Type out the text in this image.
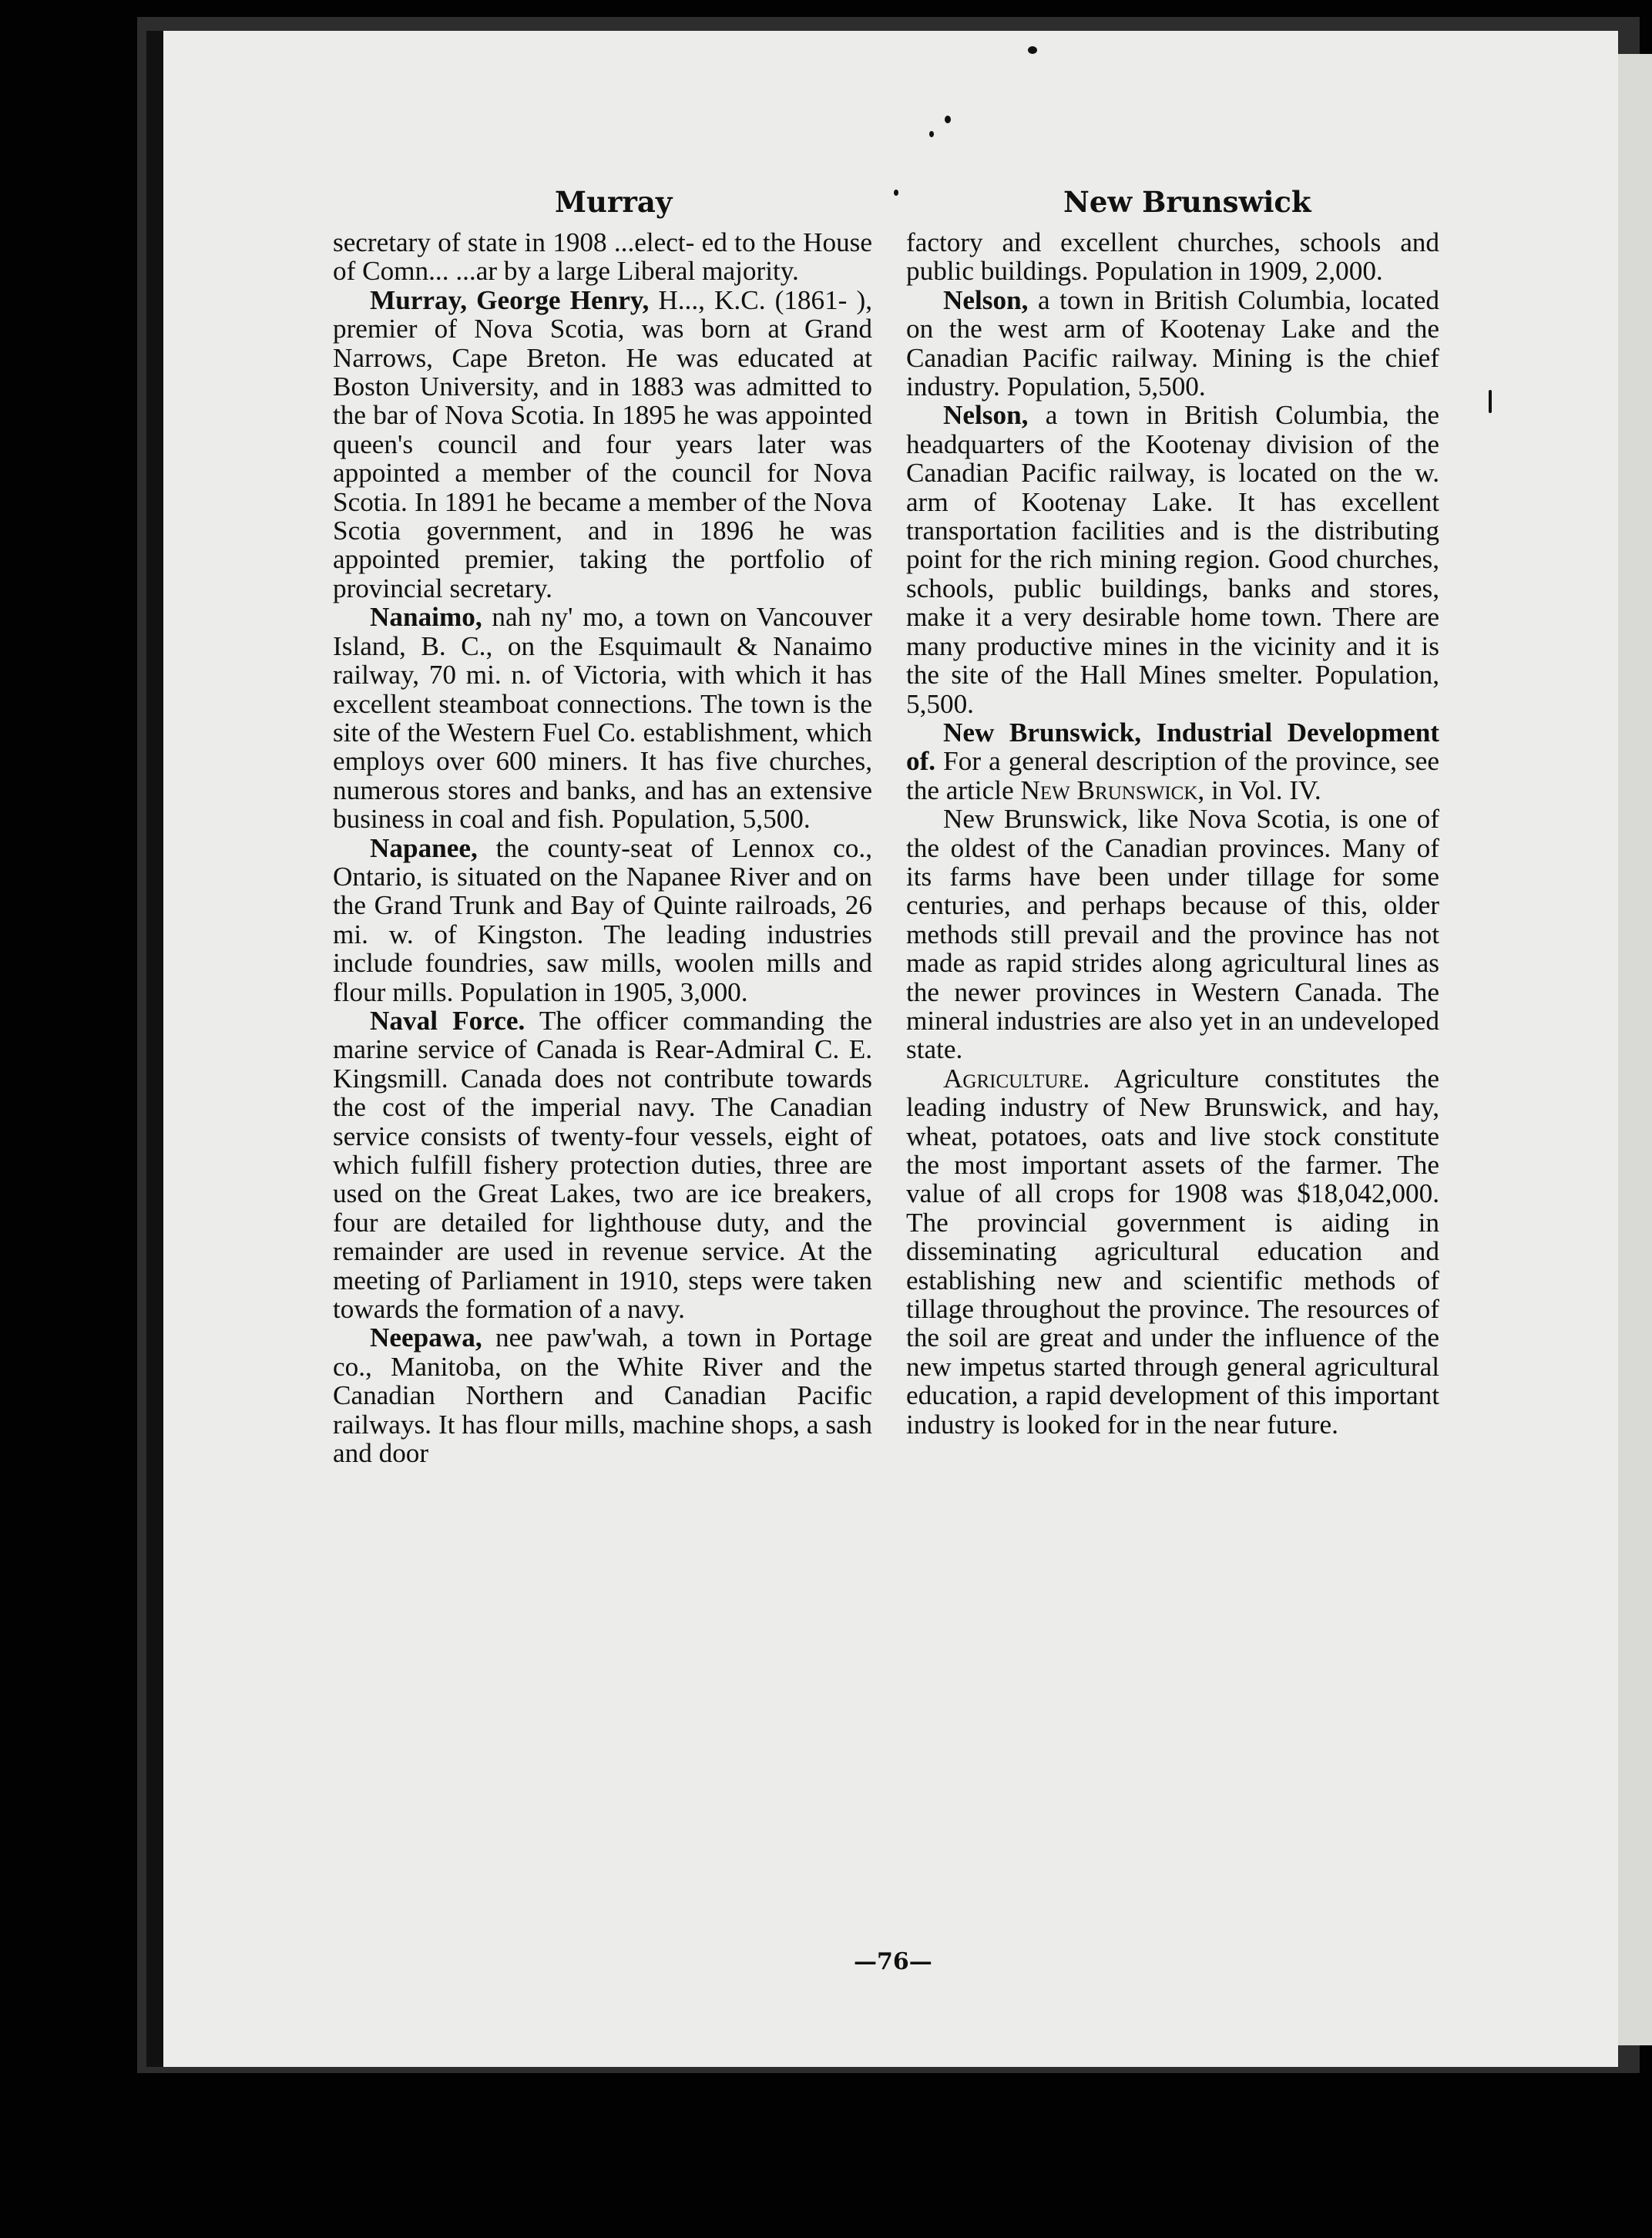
Murray	New Brunswick

secretary of state in 1908 ...elect- ed to the House of Comn... ...ar by a large Liberal majority.

Murray, George Henry, H..., K.C. (1861- ), premier of Nova Scotia, was born at Grand Narrows, Cape Breton. He was educated at Boston University, and in 1883 was admitted to the bar of Nova Scotia. In 1895 he was appointed queen's council and four years later was appointed a member of the council for Nova Scotia. In 1891 he became a member of the Nova Scotia government, and in 1896 he was appointed premier, taking the portfolio of provincial secretary.

Nanaimo, nah ny' mo, a town on Vancouver Island, B. C., on the Esquimault & Nanaimo railway, 70 mi. n. of Victoria, with which it has excellent steamboat connections. The town is the site of the Western Fuel Co. establishment, which employs over 600 miners. It has five churches, numerous stores and banks, and has an extensive business in coal and fish. Population, 5,500.

Napanee, the county-seat of Lennox co., Ontario, is situated on the Napanee River and on the Grand Trunk and Bay of Quinte railroads, 26 mi. w. of Kingston. The leading industries include foundries, saw mills, woolen mills and flour mills. Population in 1905, 3,000.

Naval Force. The officer commanding the marine service of Canada is Rear-Admiral C. E. Kingsmill. Canada does not contribute towards the cost of the imperial navy. The Canadian service consists of twenty-four vessels, eight of which fulfill fishery protection duties, three are used on the Great Lakes, two are ice breakers, four are detailed for lighthouse duty, and the remainder are used in revenue service. At the meeting of Parliament in 1910, steps were taken towards the formation of a navy.

Neepawa, nee paw'wah, a town in Portage co., Manitoba, on the White River and the Canadian Northern and Canadian Pacific railways. It has flour mills, machine shops, a sash and door

factory and excellent churches, schools and public buildings. Population in 1909, 2,000.

Nelson, a town in British Columbia, located on the west arm of Kootenay Lake and the Canadian Pacific railway. Mining is the chief industry. Population, 5,500.

Nelson, a town in British Columbia, the headquarters of the Kootenay division of the Canadian Pacific railway, is located on the w. arm of Kootenay Lake. It has excellent transportation facilities and is the distributing point for the rich mining region. Good churches, schools, public buildings, banks and stores, make it a very desirable home town. There are many productive mines in the vicinity and it is the site of the Hall Mines smelter. Population, 5,500.

New Brunswick, Industrial Development of. For a general description of the province, see the article New Brunswick, in Vol. IV.

New Brunswick, like Nova Scotia, is one of the oldest of the Canadian provinces. Many of its farms have been under tillage for some centuries, and perhaps because of this, older methods still prevail and the province has not made as rapid strides along agricultural lines as the newer provinces in Western Canada. The mineral industries are also yet in an undeveloped state.

Agriculture. Agriculture constitutes the leading industry of New Brunswick, and hay, wheat, potatoes, oats and live stock constitute the most important assets of the farmer. The value of all crops for 1908 was $18,042,000. The provincial government is aiding in disseminating agricultural education and establishing new and scientific methods of tillage throughout the province. The resources of the soil are great and under the influence of the new impetus started through general agricultural education, a rapid development of this important industry is looked for in the near future.

—76—
